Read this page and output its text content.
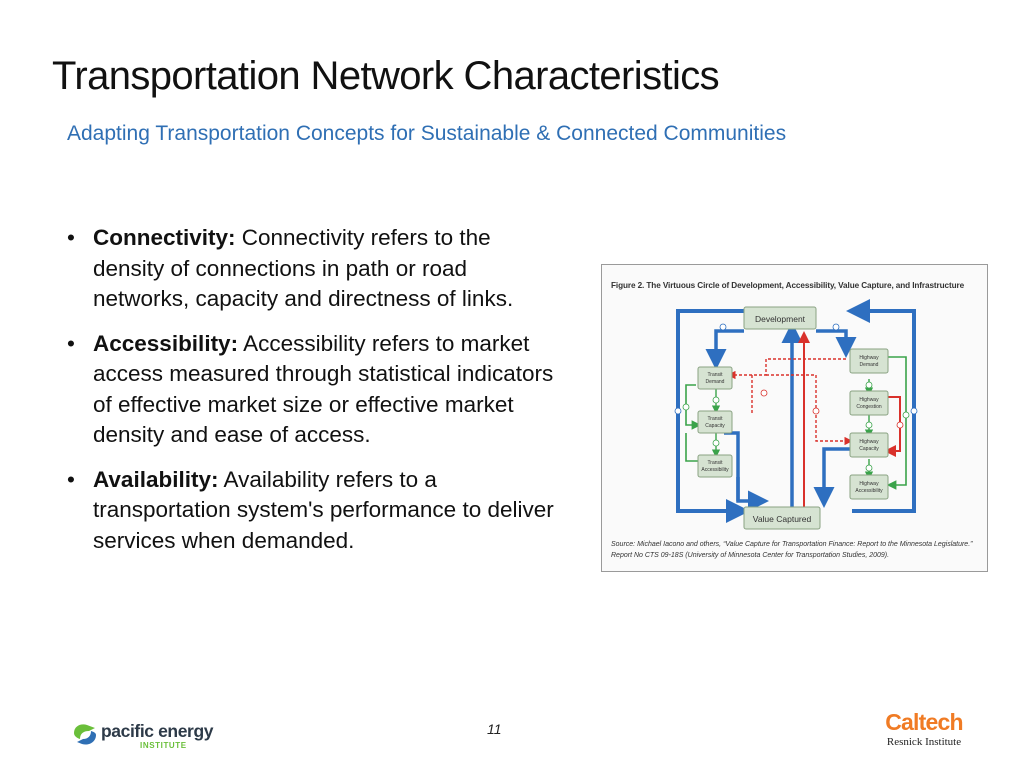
Transportation Network Characteristics

Adapting Transportation Concepts for Sustainable & Connected Communities

• Connectivity: Connectivity refers to the density of connections in path or road networks, capacity and directness of links.
• Accessibility: Accessibility refers to market access measured through statistical indicators of effective market size or effective market density and ease of access.
• Availability: Availability refers to a transportation system's performance to deliver services when demanded.
Figure 2. The Virtuous Circle of Development, Accessibility, Value Capture, and Infrastructure
Development
Value Captured
Transit
Demand
Transit
Capacity
Transit
Accessibility
Highway
Demand
Highway
Congestion
Highway
Capacity
Highway
Accessibility
Source: Michael Iacono and others, “Value Capture for Transportation Finance: Report to the Minnesota Legislature.” Report No CTS 09-18S (University of Minnesota Center for Transportation Studies, 2009).
pacific energy
INSTITUTE
11	Caltech
Resnick Institute
